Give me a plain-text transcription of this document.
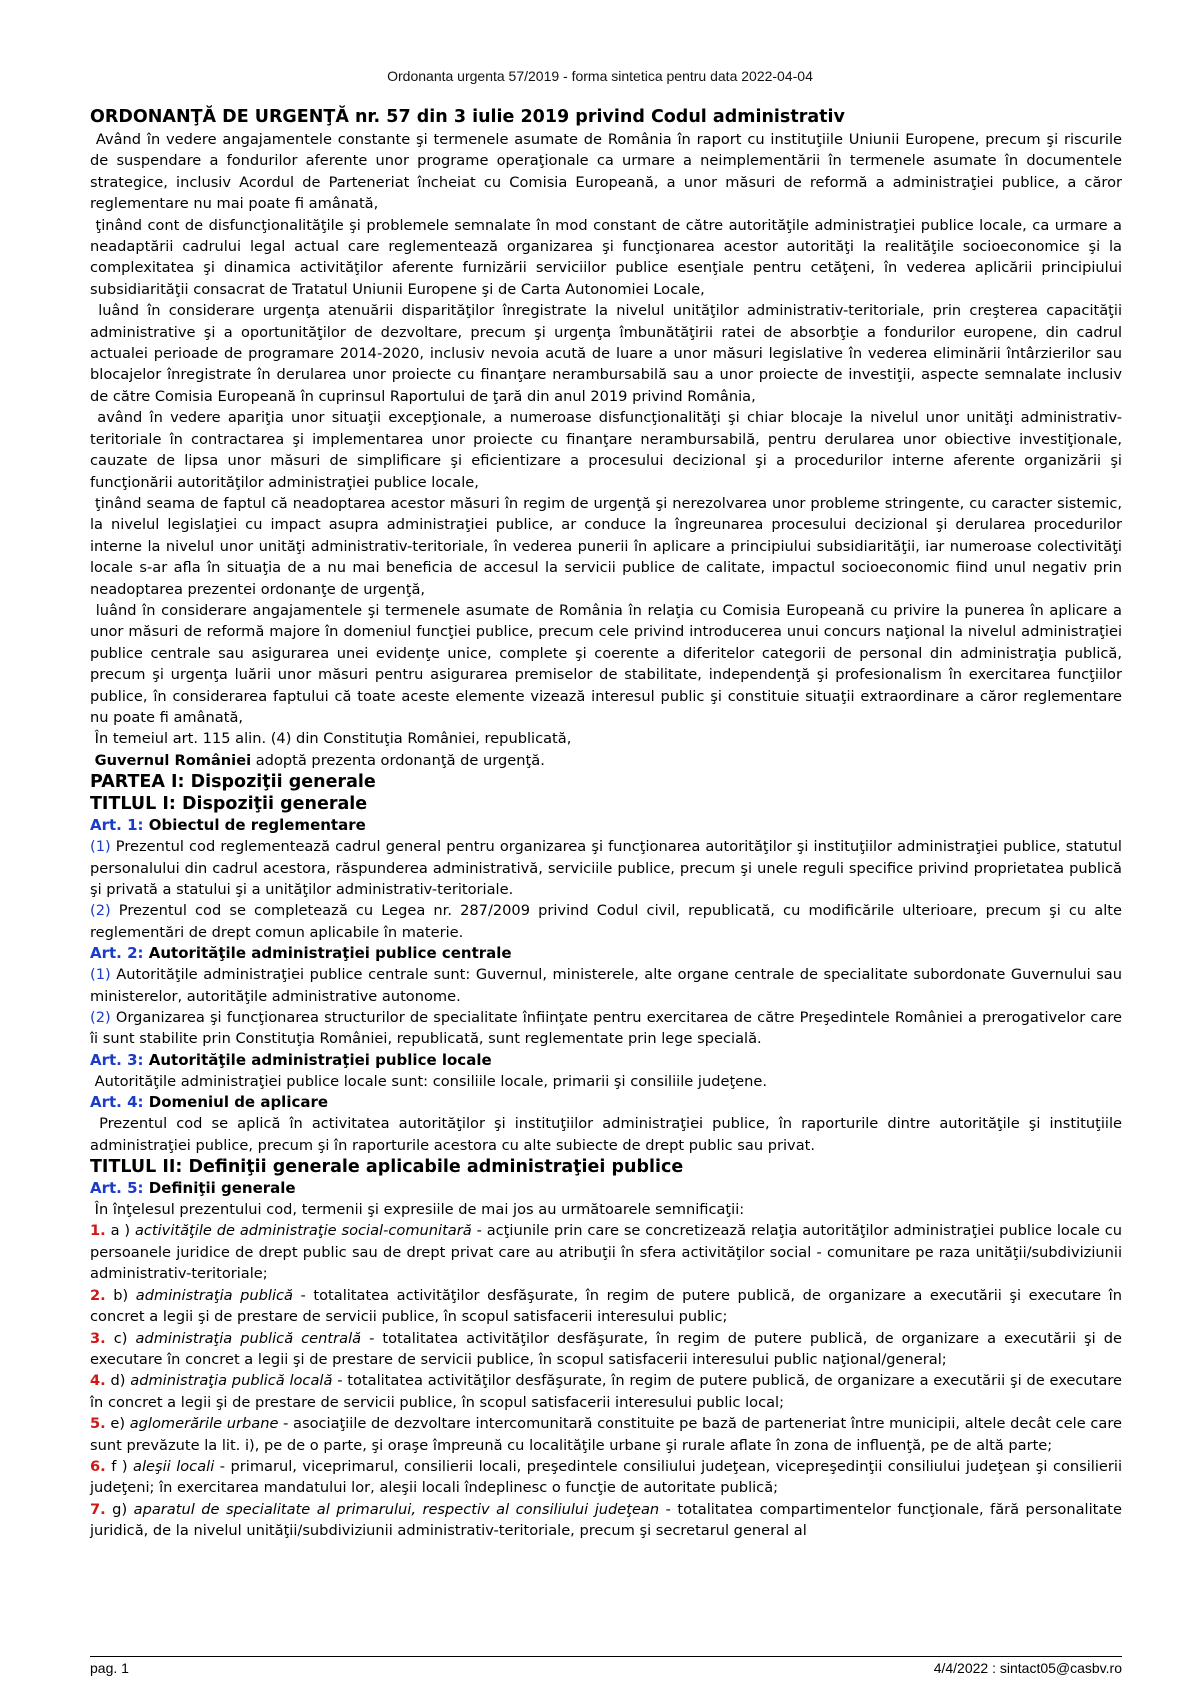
Ordonanta urgenta 57/2019 - forma sintetica pentru data 2022-04-04
ORDONANŢĂ DE URGENŢĂ nr. 57 din 3 iulie 2019 privind Codul administrativ

Având în vedere angajamentele constante şi termenele asumate de România în raport cu instituţiile Uniunii Europene, precum şi riscurile de suspendare a fondurilor aferente unor programe operaţionale ca urmare a neimplementării în termenele asumate în documentele strategice, inclusiv Acordul de Parteneriat încheiat cu Comisia Europeană, a unor măsuri de reformă a administraţiei publice, a căror reglementare nu mai poate fi amânată,

ţinând cont de disfuncţionalităţile şi problemele semnalate în mod constant de către autorităţile administraţiei publice locale, ca urmare a neadaptării cadrului legal actual care reglementează organizarea şi funcţionarea acestor autorităţi la realităţile socioeconomice şi la complexitatea şi dinamica activităţilor aferente furnizării serviciilor publice esenţiale pentru cetăţeni, în vederea aplicării principiului subsidiarităţii consacrat de Tratatul Uniunii Europene şi de Carta Autonomiei Locale,

luând în considerare urgenţa atenuării disparităţilor înregistrate la nivelul unităţilor administrativ-teritoriale, prin creşterea capacităţii administrative şi a oportunităţilor de dezvoltare, precum şi urgenţa îmbunătăţirii ratei de absorbţie a fondurilor europene, din cadrul actualei perioade de programare 2014-2020, inclusiv nevoia acută de luare a unor măsuri legislative în vederea eliminării întârzierilor sau blocajelor înregistrate în derularea unor proiecte cu finanţare nerambursabilă sau a unor proiecte de investiţii, aspecte semnalate inclusiv de către Comisia Europeană în cuprinsul Raportului de ţară din anul 2019 privind România,

având în vedere apariţia unor situaţii excepţionale, a numeroase disfuncţionalităţi şi chiar blocaje la nivelul unor unităţi administrativ-teritoriale în contractarea şi implementarea unor proiecte cu finanţare nerambursabilă, pentru derularea unor obiective investiţionale, cauzate de lipsa unor măsuri de simplificare şi eficientizare a procesului decizional şi a procedurilor interne aferente organizării şi funcţionării autorităţilor administraţiei publice locale,

ţinând seama de faptul că neadoptarea acestor măsuri în regim de urgenţă şi nerezolvarea unor probleme stringente, cu caracter sistemic, la nivelul legislaţiei cu impact asupra administraţiei publice, ar conduce la îngreunarea procesului decizional şi derularea procedurilor interne la nivelul unor unităţi administrativ-teritoriale, în vederea punerii în aplicare a principiului subsidiarităţii, iar numeroase colectivităţi locale s-ar afla în situaţia de a nu mai beneficia de accesul la servicii publice de calitate, impactul socioeconomic fiind unul negativ prin neadoptarea prezentei ordonanţe de urgenţă,

luând în considerare angajamentele şi termenele asumate de România în relaţia cu Comisia Europeană cu privire la punerea în aplicare a unor măsuri de reformă majore în domeniul funcţiei publice, precum cele privind introducerea unui concurs naţional la nivelul administraţiei publice centrale sau asigurarea unei evidenţe unice, complete şi coerente a diferitelor categorii de personal din administraţia publică, precum şi urgenţa luării unor măsuri pentru asigurarea premiselor de stabilitate, independenţă şi profesionalism în exercitarea funcţiilor publice, în considerarea faptului că toate aceste elemente vizează interesul public şi constituie situaţii extraordinare a căror reglementare nu poate fi amânată,

În temeiul art. 115 alin. (4) din Constituţia României, republicată,

Guvernul României adoptă prezenta ordonanţă de urgenţă.

PARTEA I: Dispoziţii generale
TITLUL I: Dispoziţii generale
Art. 1: Obiectul de reglementare

(1) Prezentul cod reglementează cadrul general pentru organizarea şi funcţionarea autorităţilor şi instituţiilor administraţiei publice, statutul personalului din cadrul acestora, răspunderea administrativă, serviciile publice, precum şi unele reguli specifice privind proprietatea publică şi privată a statului şi a unităţilor administrativ-teritoriale.

(2) Prezentul cod se completează cu Legea nr. 287/2009 privind Codul civil, republicată, cu modificările ulterioare, precum şi cu alte reglementări de drept comun aplicabile în materie.

Art. 2: Autorităţile administraţiei publice centrale

(1) Autorităţile administraţiei publice centrale sunt: Guvernul, ministerele, alte organe centrale de specialitate subordonate Guvernului sau ministerelor, autorităţile administrative autonome.

(2) Organizarea şi funcţionarea structurilor de specialitate înfiinţate pentru exercitarea de către Preşedintele României a prerogativelor care îi sunt stabilite prin Constituţia României, republicată, sunt reglementate prin lege specială.

Art. 3: Autorităţile administraţiei publice locale

Autorităţile administraţiei publice locale sunt: consiliile locale, primarii şi consiliile judeţene.

Art. 4: Domeniul de aplicare

Prezentul cod se aplică în activitatea autorităţilor şi instituţiilor administraţiei publice, în raporturile dintre autorităţile şi instituţiile administraţiei publice, precum şi în raporturile acestora cu alte subiecte de drept public sau privat.

TITLUL II: Definiţii generale aplicabile administraţiei publice
Art. 5: Definiţii generale

În înţelesul prezentului cod, termenii şi expresiile de mai jos au următoarele semnificaţii:

1. a ) activităţile de administraţie social-comunitară - acţiunile prin care se concretizează relaţia autorităţilor administraţiei publice locale cu persoanele juridice de drept public sau de drept privat care au atribuţii în sfera activităţilor social - comunitare pe raza unităţii/subdiviziunii administrativ-teritoriale;

2. b) administraţia publică - totalitatea activităţilor desfăşurate, în regim de putere publică, de organizare a executării şi executare în concret a legii şi de prestare de servicii publice, în scopul satisfacerii interesului public;

3. c) administraţia publică centrală - totalitatea activităţilor desfăşurate, în regim de putere publică, de organizare a executării şi de executare în concret a legii şi de prestare de servicii publice, în scopul satisfacerii interesului public naţional/general;

4. d) administraţia publică locală - totalitatea activităţilor desfăşurate, în regim de putere publică, de organizare a executării şi de executare în concret a legii şi de prestare de servicii publice, în scopul satisfacerii interesului public local;

5. e) aglomerările urbane - asociaţiile de dezvoltare intercomunitară constituite pe bază de parteneriat între municipii, altele decât cele care sunt prevăzute la lit. i), pe de o parte, şi oraşe împreună cu localităţile urbane şi rurale aflate în zona de influenţă, pe de altă parte;

6. f ) aleşii locali - primarul, viceprimarul, consilierii locali, preşedintele consiliului judeţean, vicepreşedinţii consiliului judeţean şi consilierii judeţeni; în exercitarea mandatului lor, aleşii locali îndeplinesc o funcţie de autoritate publică;

7. g) aparatul de specialitate al primarului, respectiv al consiliului judeţean - totalitatea compartimentelor funcţionale, fără personalitate juridică, de la nivelul unităţii/subdiviziunii administrativ-teritoriale, precum şi secretarul general al

pag. 1	4/4/2022 : sintact05@casbv.ro
